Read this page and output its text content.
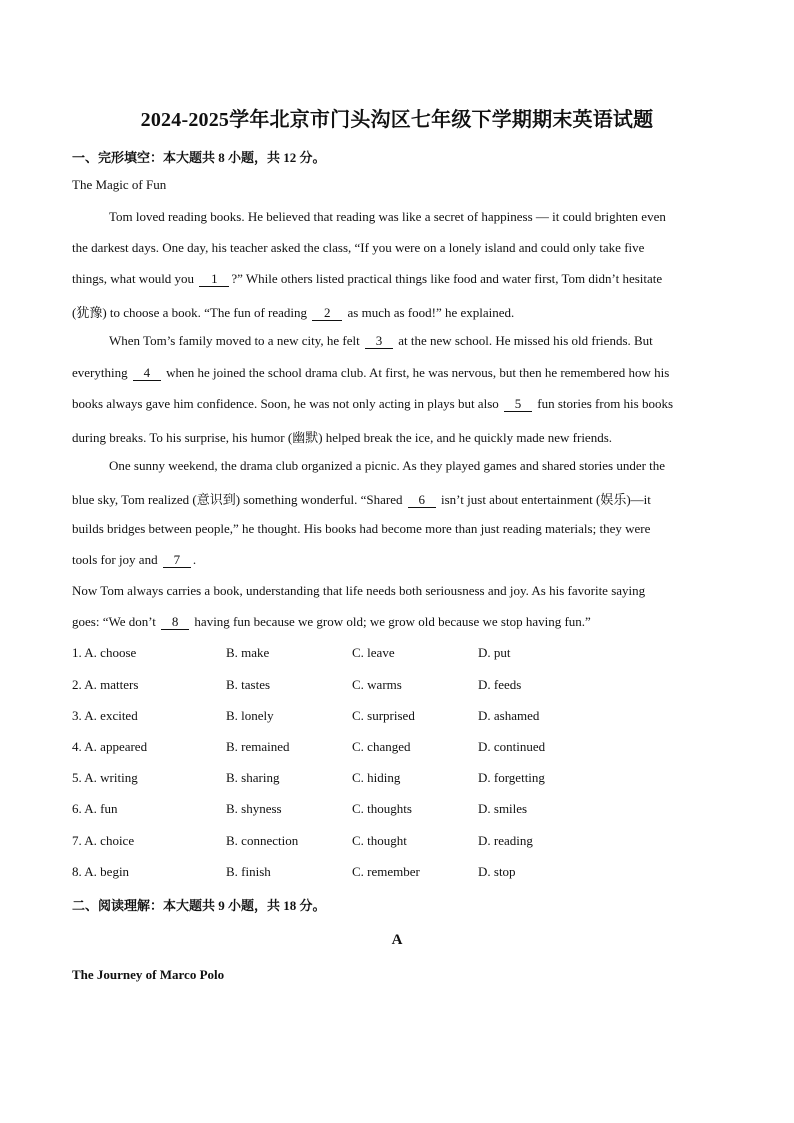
2024-2025学年北京市门头沟区七年级下学期期末英语试题
一、完形填空：本大题共 8 小题，共 12 分。
The Magic of Fun
Tom loved reading books. He believed that reading was like a secret of happiness — it could brighten even
the darkest days. One day, his teacher asked the class, “If you were on a lonely island and could only take five
things, what would you 1 ?” While others listed practical things like food and water first, Tom didn’t hesitate
(犹豫) to choose a book. “The fun of reading 2 as much as food!” he explained.
When Tom’s family moved to a new city, he felt 3 at the new school. He missed his old friends. But
everything 4 when he joined the school drama club. At first, he was nervous, but then he remembered how his
books always gave him confidence. Soon, he was not only acting in plays but also 5 fun stories from his books
during breaks. To his surprise, his humor (幽默) helped break the ice, and he quickly made new friends.
One sunny weekend, the drama club organized a picnic. As they played games and shared stories under the
blue sky, Tom realized (意识到) something wonderful. “Shared 6 isn’t just about entertainment (娱乐)—it
builds bridges between people,” he thought. His books had become more than just reading materials; they were
tools for joy and 7 .
Now Tom always carries a book, understanding that life needs both seriousness and joy. As his favorite saying
goes: “We don’t 8 having fun because we grow old; we grow old because we stop having fun.”
1. A. choose	B. make	C. leave	D. put
2. A. matters	B. tastes	C. warms	D. feeds
3. A. excited	B. lonely	C. surprised	D. ashamed
4. A. appeared	B. remained	C. changed	D. continued
5. A. writing	B. sharing	C. hiding	D. forgetting
6. A. fun	B. shyness	C. thoughts	D. smiles
7. A. choice	B. connection	C. thought	D. reading
8. A. begin	B. finish	C. remember	D. stop
二、阅读理解：本大题共 9 小题，共 18 分。
A
The Journey of Marco Polo
